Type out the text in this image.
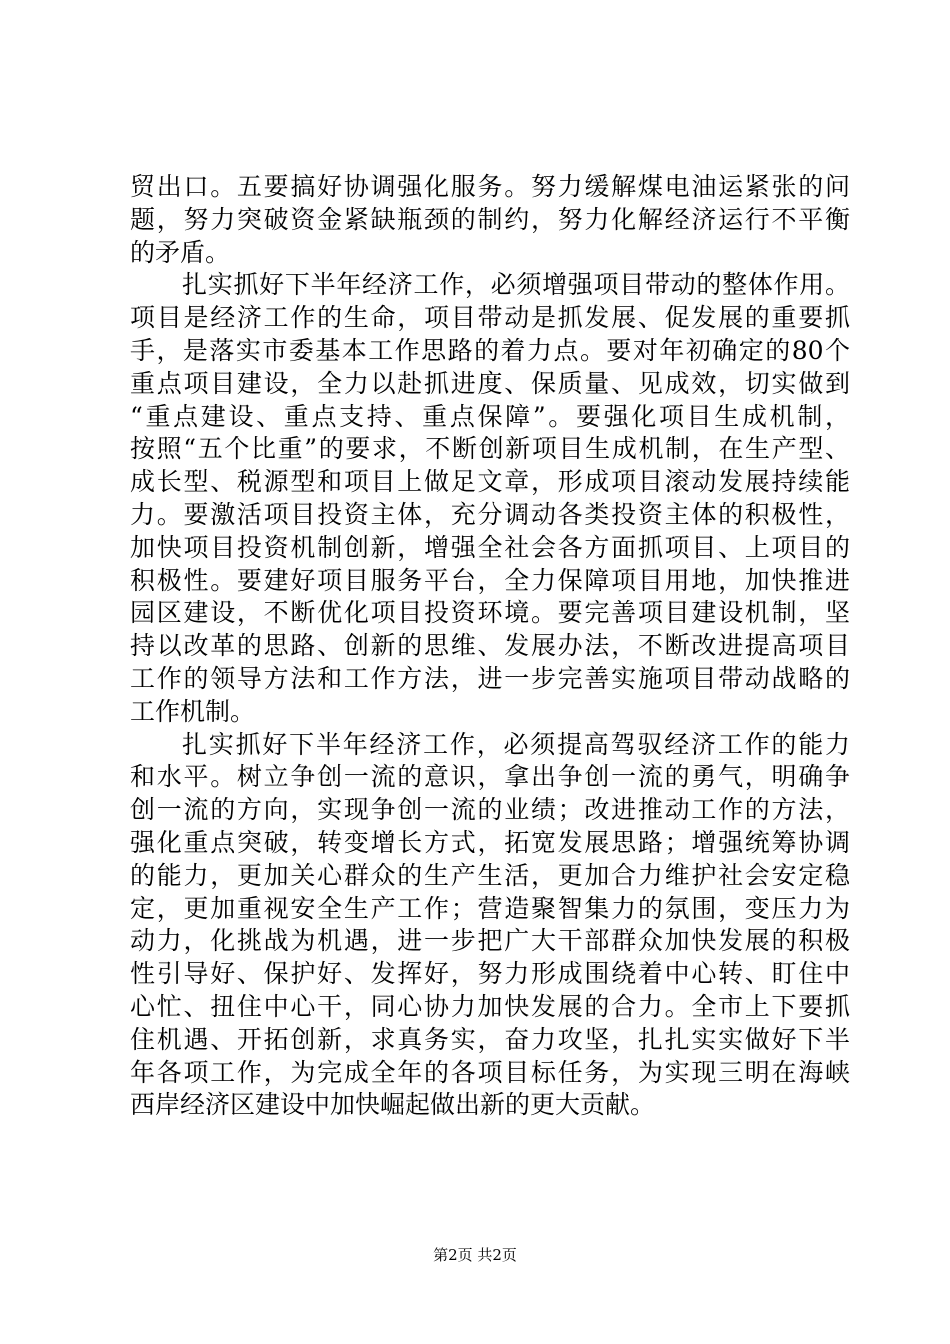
贸出口。五要搞好协调强化服务。努力缓解煤电油运紧张的问
题，努力突破资金紧缺瓶颈的制约，努力化解经济运行不平衡
的矛盾。
扎实抓好下半年经济工作，必须增强项目带动的整体作用。
项目是经济工作的生命，项目带动是抓发展、促发展的重要抓
手，是落实市委基本工作思路的着力点。要对年初确定的80个
重点项目建设，全力以赴抓进度、保质量、见成效，切实做到
“重点建设、重点支持、重点保障”。要强化项目生成机制，
按照“五个比重”的要求，不断创新项目生成机制，在生产型、
成长型、税源型和项目上做足文章，形成项目滚动发展持续能
力。要激活项目投资主体，充分调动各类投资主体的积极性，
加快项目投资机制创新，增强全社会各方面抓项目、上项目的
积极性。要建好项目服务平台，全力保障项目用地，加快推进
园区建设，不断优化项目投资环境。要完善项目建设机制，坚
持以改革的思路、创新的思维、发展办法，不断改进提高项目
工作的领导方法和工作方法，进一步完善实施项目带动战略的
工作机制。
扎实抓好下半年经济工作，必须提高驾驭经济工作的能力
和水平。树立争创一流的意识，拿出争创一流的勇气，明确争
创一流的方向，实现争创一流的业绩；改进推动工作的方法，
强化重点突破，转变增长方式，拓宽发展思路；增强统筹协调
的能力，更加关心群众的生产生活，更加合力维护社会安定稳
定，更加重视安全生产工作；营造聚智集力的氛围，变压力为
动力，化挑战为机遇，进一步把广大干部群众加快发展的积极
性引导好、保护好、发挥好，努力形成围绕着中心转、盯住中
心忙、扭住中心干，同心协力加快发展的合力。全市上下要抓
住机遇、开拓创新，求真务实，奋力攻坚，扎扎实实做好下半
年各项工作，为完成全年的各项目标任务，为实现三明在海峡
西岸经济区建设中加快崛起做出新的更大贡献。
第2页 共2页
